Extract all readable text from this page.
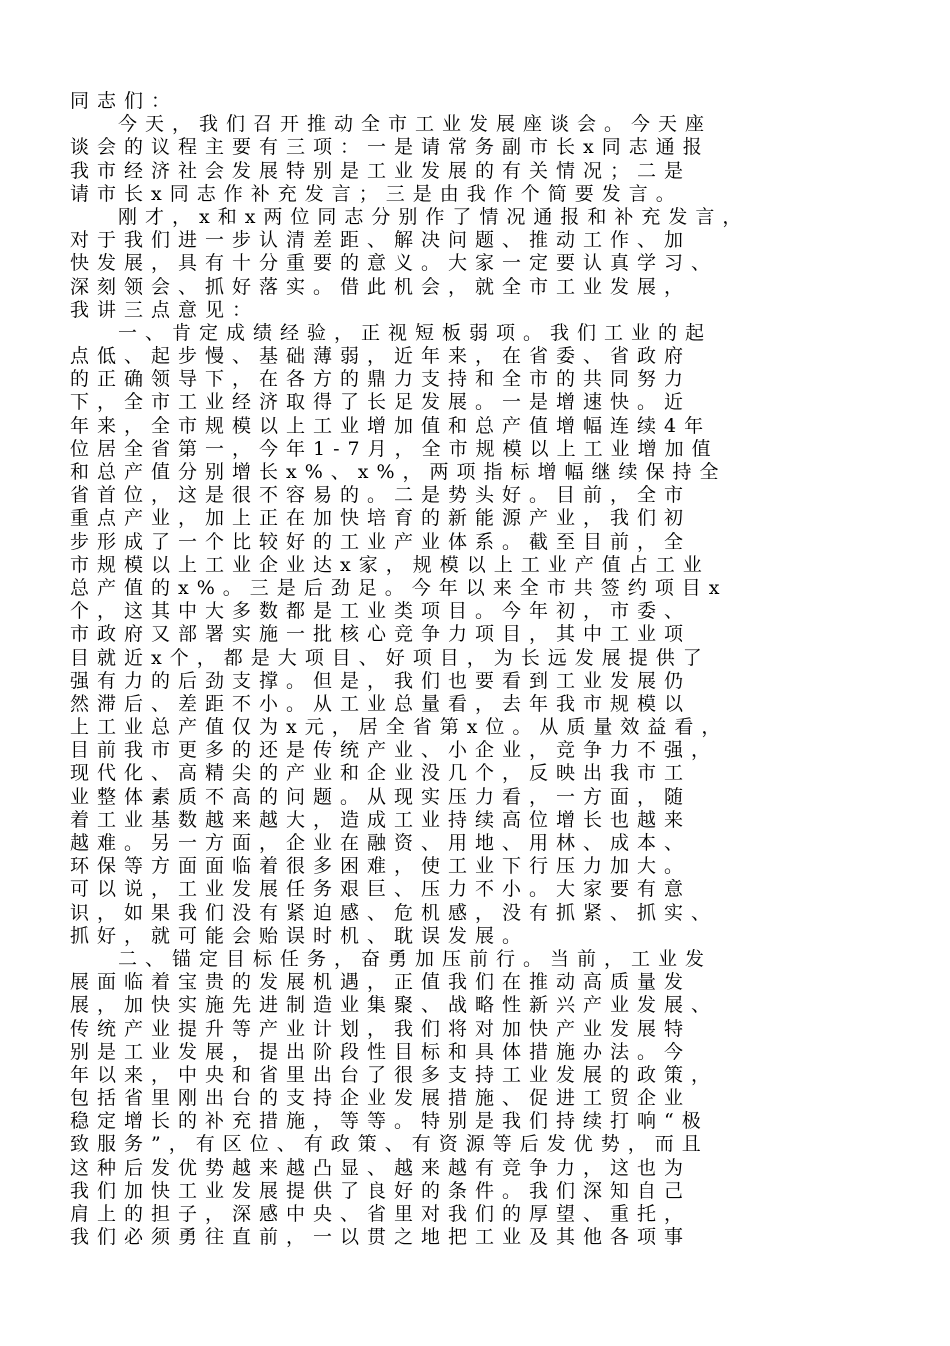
同志们：
今天，我们召开推动全市工业发展座谈会。今天座
谈会的议程主要有三项：一是请常务副市长x同志通报
我市经济社会发展特别是工业发展的有关情况；二是
请市长x同志作补充发言；三是由我作个简要发言。
刚才，x和x两位同志分别作了情况通报和补充发言，
对于我们进一步认清差距、解决问题、推动工作、加
快发展，具有十分重要的意义。大家一定要认真学习、
深刻领会、抓好落实。借此机会，就全市工业发展，
我讲三点意见：
一、肯定成绩经验，正视短板弱项。我们工业的起
点低、起步慢、基础薄弱，近年来，在省委、省政府
的正确领导下，在各方的鼎力支持和全市的共同努力
下，全市工业经济取得了长足发展。一是增速快。近
年来，全市规模以上工业增加值和总产值增幅连续4年
位居全省第一，今年1-7月，全市规模以上工业增加值
和总产值分别增长x%、x%，两项指标增幅继续保持全
省首位，这是很不容易的。二是势头好。目前，全市
重点产业，加上正在加快培育的新能源产业，我们初
步形成了一个比较好的工业产业体系。截至目前，全
市规模以上工业企业达x家，规模以上工业产值占工业
总产值的x%。三是后劲足。今年以来全市共签约项目x
个，这其中大多数都是工业类项目。今年初，市委、
市政府又部署实施一批核心竞争力项目，其中工业项
目就近x个，都是大项目、好项目，为长远发展提供了
强有力的后劲支撑。但是，我们也要看到工业发展仍
然滞后、差距不小。从工业总量看，去年我市规模以
上工业总产值仅为x元，居全省第x位。从质量效益看，
目前我市更多的还是传统产业、小企业，竞争力不强，
现代化、高精尖的产业和企业没几个，反映出我市工
业整体素质不高的问题。从现实压力看，一方面，随
着工业基数越来越大，造成工业持续高位增长也越来
越难。另一方面，企业在融资、用地、用林、成本、
环保等方面面临着很多困难，使工业下行压力加大。
可以说，工业发展任务艰巨、压力不小。大家要有意
识，如果我们没有紧迫感、危机感，没有抓紧、抓实、
抓好，就可能会贻误时机、耽误发展。
二、锚定目标任务，奋勇加压前行。当前，工业发
展面临着宝贵的发展机遇，正值我们在推动高质量发
展，加快实施先进制造业集聚、战略性新兴产业发展、
传统产业提升等产业计划，我们将对加快产业发展特
别是工业发展，提出阶段性目标和具体措施办法。今
年以来，中央和省里出台了很多支持工业发展的政策，
包括省里刚出台的支持企业发展措施、促进工贸企业
稳定增长的补充措施，等等。特别是我们持续打响“极
致服务”，有区位、有政策、有资源等后发优势，而且
这种后发优势越来越凸显、越来越有竞争力，这也为
我们加快工业发展提供了良好的条件。我们深知自己
肩上的担子，深感中央、省里对我们的厚望、重托，
我们必须勇往直前，一以贯之地把工业及其他各项事
